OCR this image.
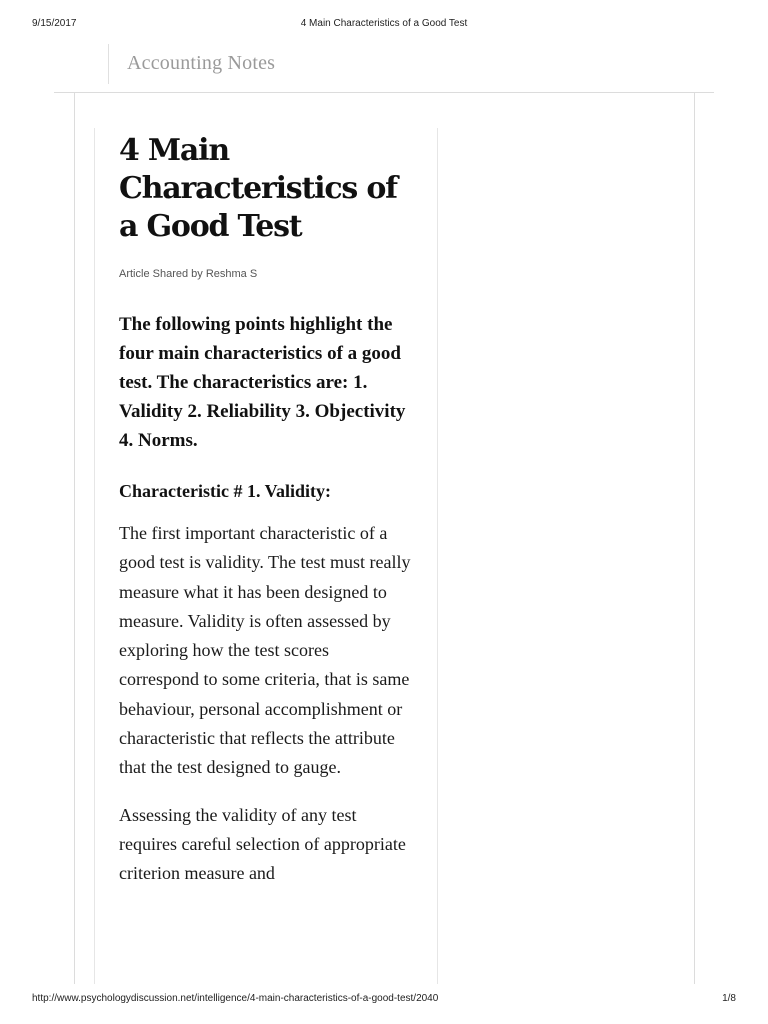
9/15/2017	4 Main Characteristics of a Good Test
Accounting Notes
4 Main Characteristics of a Good Test

Article Shared by Reshma S

The following points highlight the four main characteristics of a good test. The characteristics are: 1. Validity 2. Reliability 3. Objectivity 4. Norms.

Characteristic # 1. Validity:

The first important characteristic of a good test is validity. The test must really measure what it has been designed to measure. Validity is often assessed by exploring how the test scores correspond to some criteria, that is same behaviour, personal accomplishment or characteristic that reflects the attribute that the test designed to gauge.

Assessing the validity of any test requires careful selection of appropriate criterion measure and

http://www.psychologydiscussion.net/intelligence/4-main-characteristics-of-a-good-test/2040	1/8
